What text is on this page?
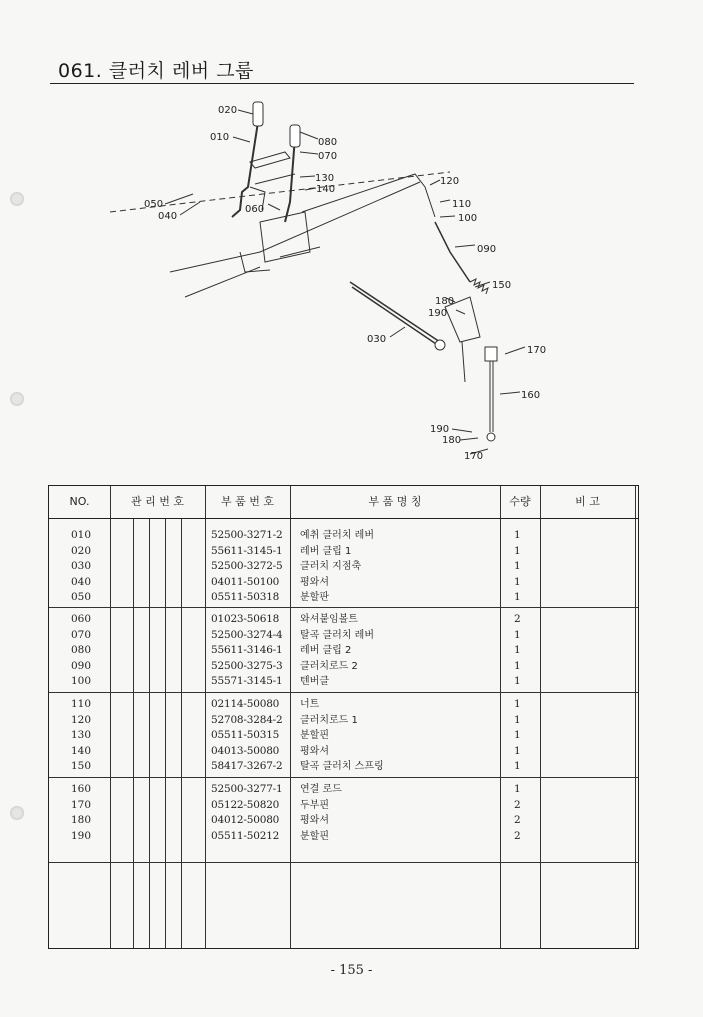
061. 클러치 레버 그룹
020
010	080
070
130
140
050
040
060
120
110
100
090
150
180
190
030
170
160
190
180
170
NO.	관 리 번 호	부 품 번 호	부 품 명 칭	수량	비 고
010	52500-3271-2 예취 클러치 레버	1
020	55611-3145-1 레버 클립 1	1
030	52500-3272-5 클러치 지점축	1
040	04011-50100 평와셔	1
050	05511-50318 분할판	1
060	01023-50618 와셔붙임볼트	2
070	52500-3274-4 탈곡 클러치 레버	1
080	55611-3146-1 레버 클립 2	1
090	52500-3275-3 클러치로드 2	1
100	55571-3145-1 텐버클	1
110	02114-50080 너트	1
120	52708-3284-2 클러치로드 1	1
130	05511-50315 분할핀	1
140	04013-50080 평와셔	1
150	58417-3267-2 탈곡 클러치 스프링	1
160	52500-3277-1 연결 로드	1
170	05122-50820 두부핀	2
180	04012-50080 평와셔	2
190	05511-50212 분할핀	2
- 155 -
